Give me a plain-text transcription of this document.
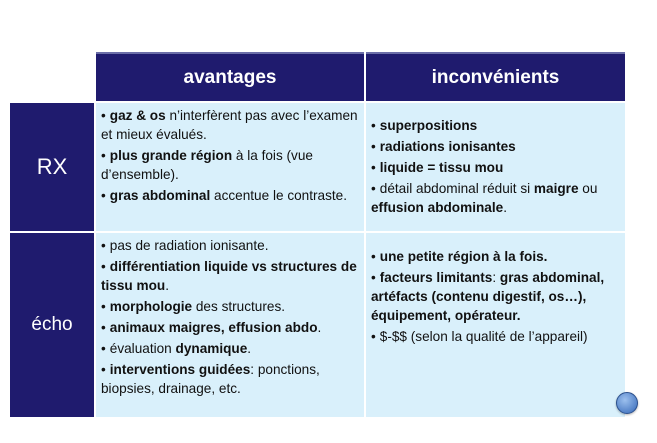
avantages	inconvénients
RX
• gaz & os n’interfèrent pas avec l’examen et mieux évalués.
• plus grande région à la fois (vue d’ensemble).
• gras abdominal accentue le contraste.
• superpositions
• radiations ionisantes
• liquide = tissu mou
• détail abdominal réduit si maigre ou effusion abdominale.
écho
• pas de radiation ionisante.
• différentiation liquide vs structures de tissu mou.
• morphologie des structures.
• animaux maigres, effusion abdo.
• évaluation dynamique.
• interventions guidées: ponctions, biopsies, drainage, etc.
• une petite région à la fois.
• facteurs limitants: gras abdominal, artéfacts (contenu digestif, os…), équipement, opérateur.
• $-$$ (selon la qualité de l’appareil)
